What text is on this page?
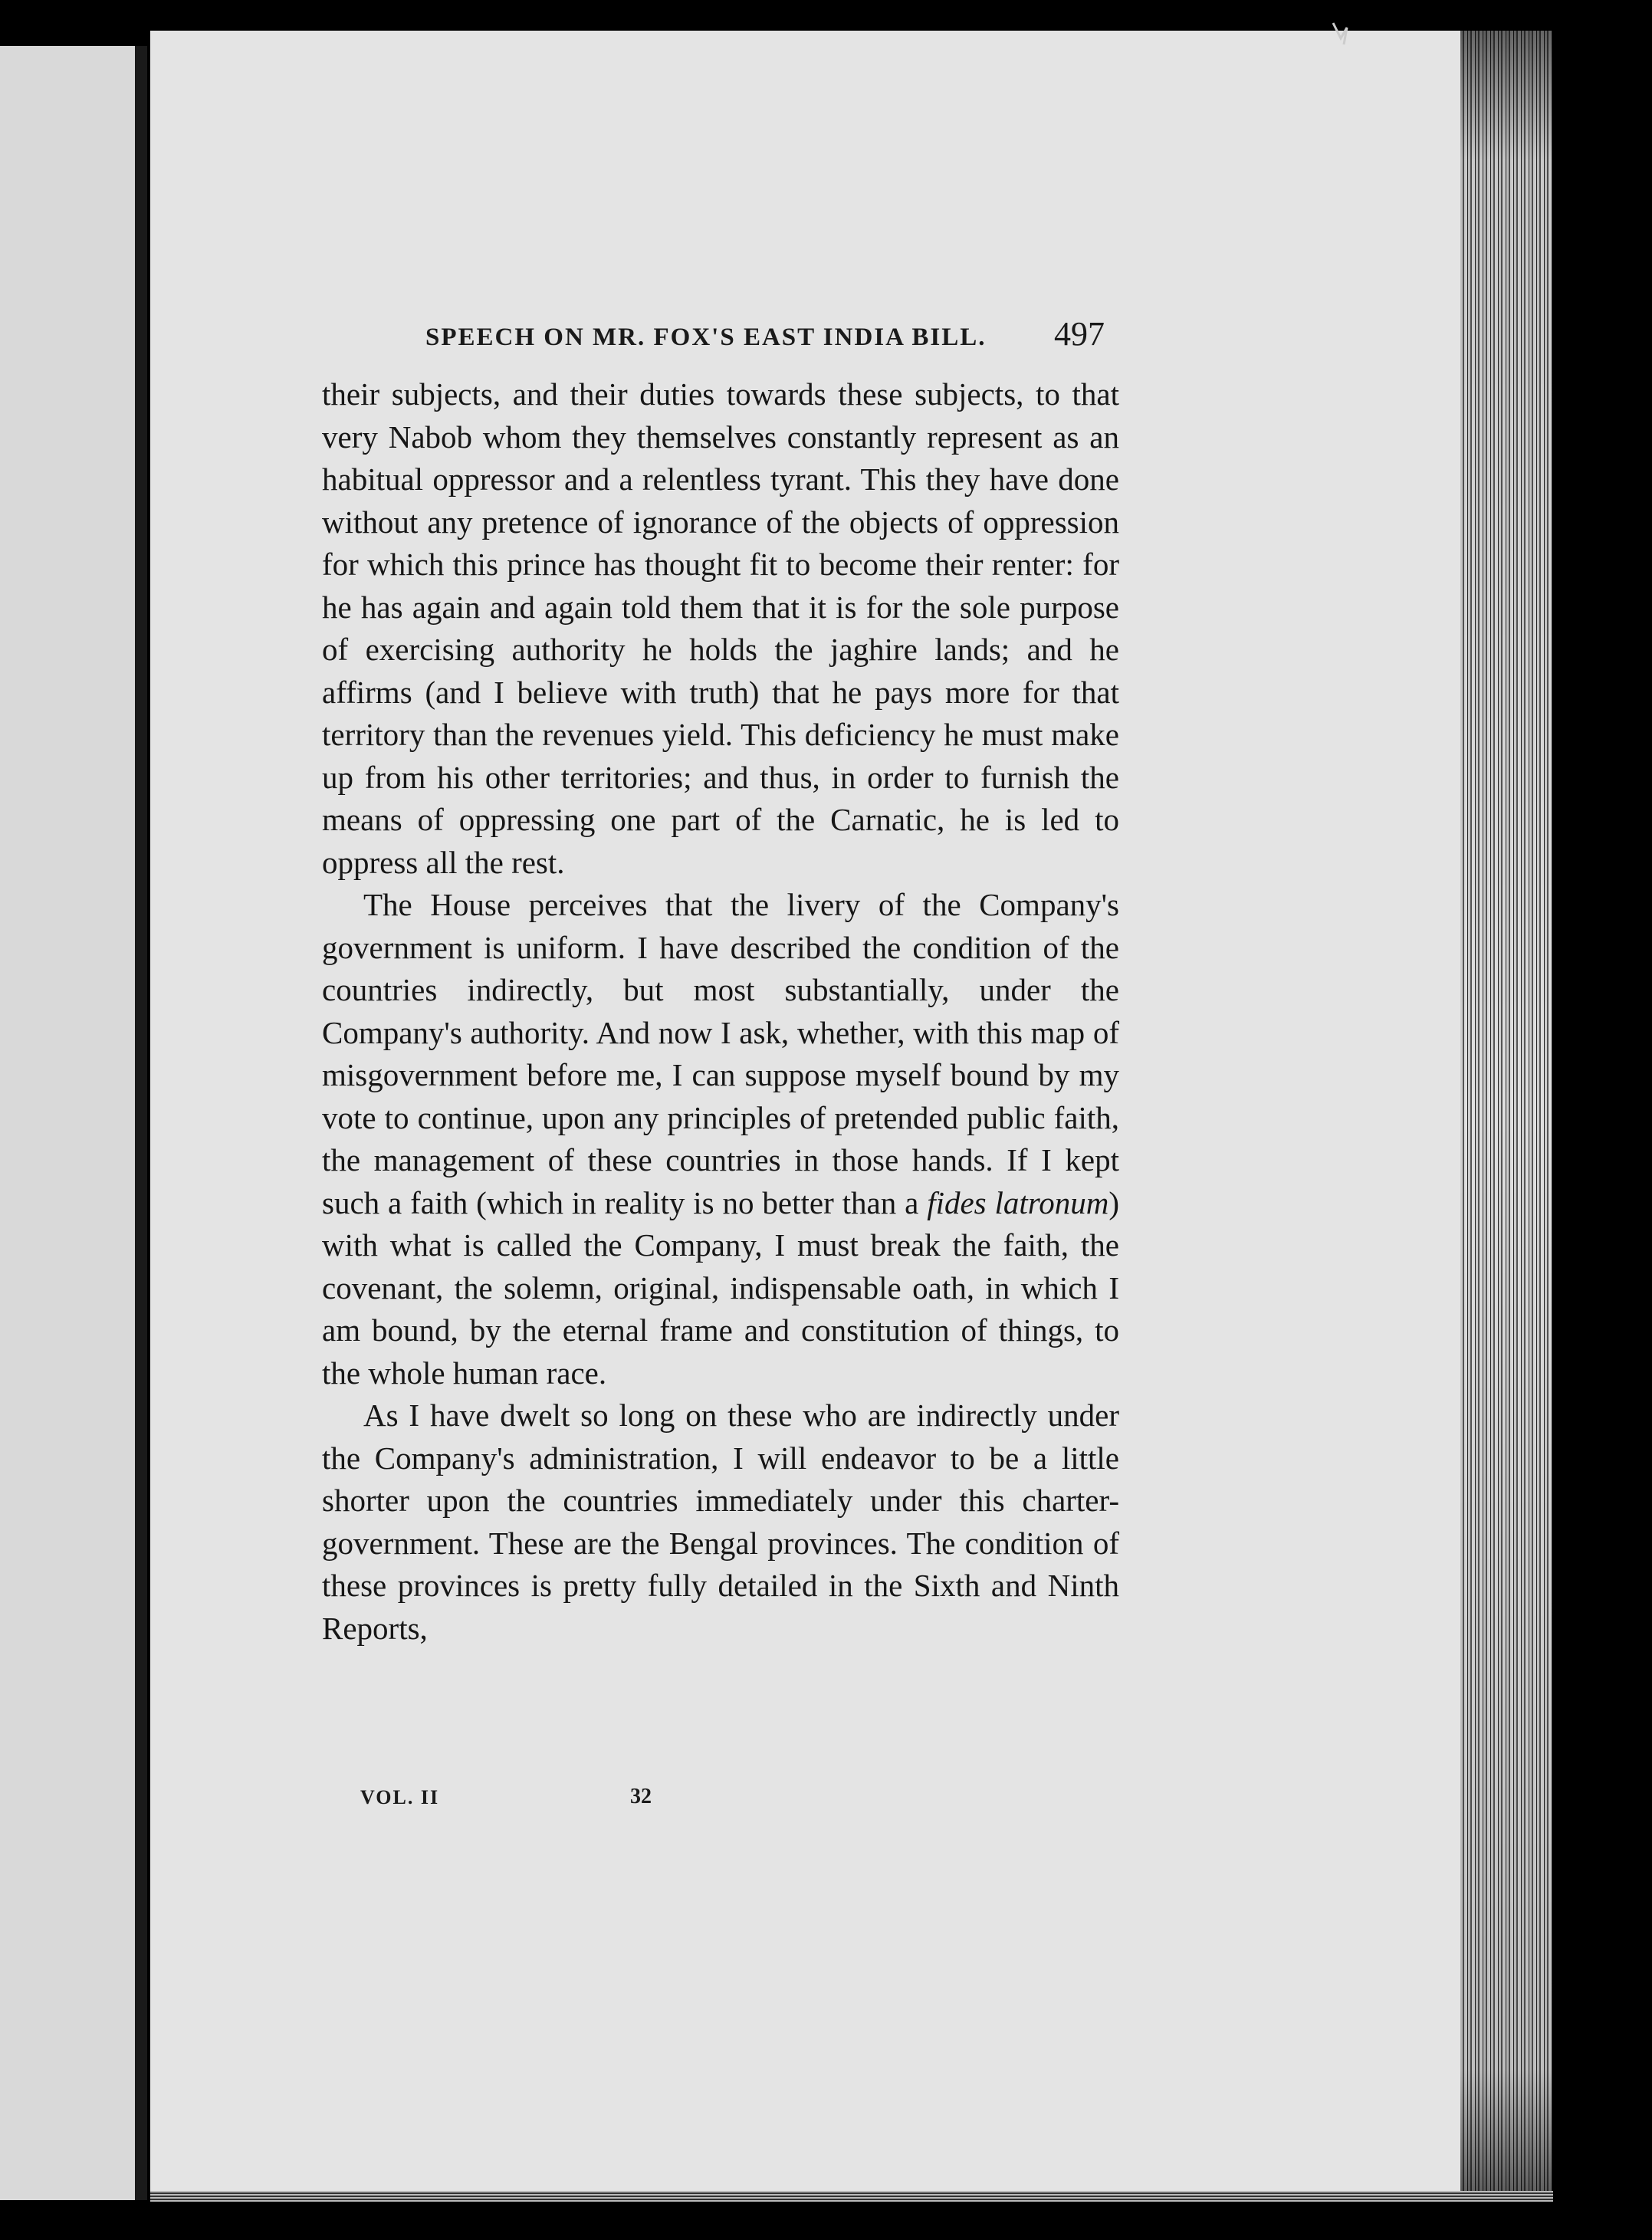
SPEECH ON MR. FOX'S EAST INDIA BILL. 497

their subjects, and their duties towards these subjects, to that very Nabob whom they themselves constantly represent as an habitual oppressor and a relentless tyrant. This they have done without any pretence of ignorance of the objects of oppression for which this prince has thought fit to become their renter: for he has again and again told them that it is for the sole purpose of exercising authority he holds the jaghire lands; and he affirms (and I believe with truth) that he pays more for that territory than the revenues yield. This deficiency he must make up from his other territories; and thus, in order to furnish the means of oppressing one part of the Carnatic, he is led to oppress all the rest.

The House perceives that the livery of the Company's government is uniform. I have described the condition of the countries indirectly, but most substantially, under the Company's authority. And now I ask, whether, with this map of misgovernment before me, I can suppose myself bound by my vote to continue, upon any principles of pretended public faith, the management of these countries in those hands. If I kept such a faith (which in reality is no better than a fides latronum) with what is called the Company, I must break the faith, the covenant, the solemn, original, indispensable oath, in which I am bound, by the eternal frame and constitution of things, to the whole human race.

As I have dwelt so long on these who are indirectly under the Company's administration, I will endeavor to be a little shorter upon the countries immediately under this charter-government. These are the Bengal provinces. The condition of these provinces is pretty fully detailed in the Sixth and Ninth Reports,

VOL. II	32
